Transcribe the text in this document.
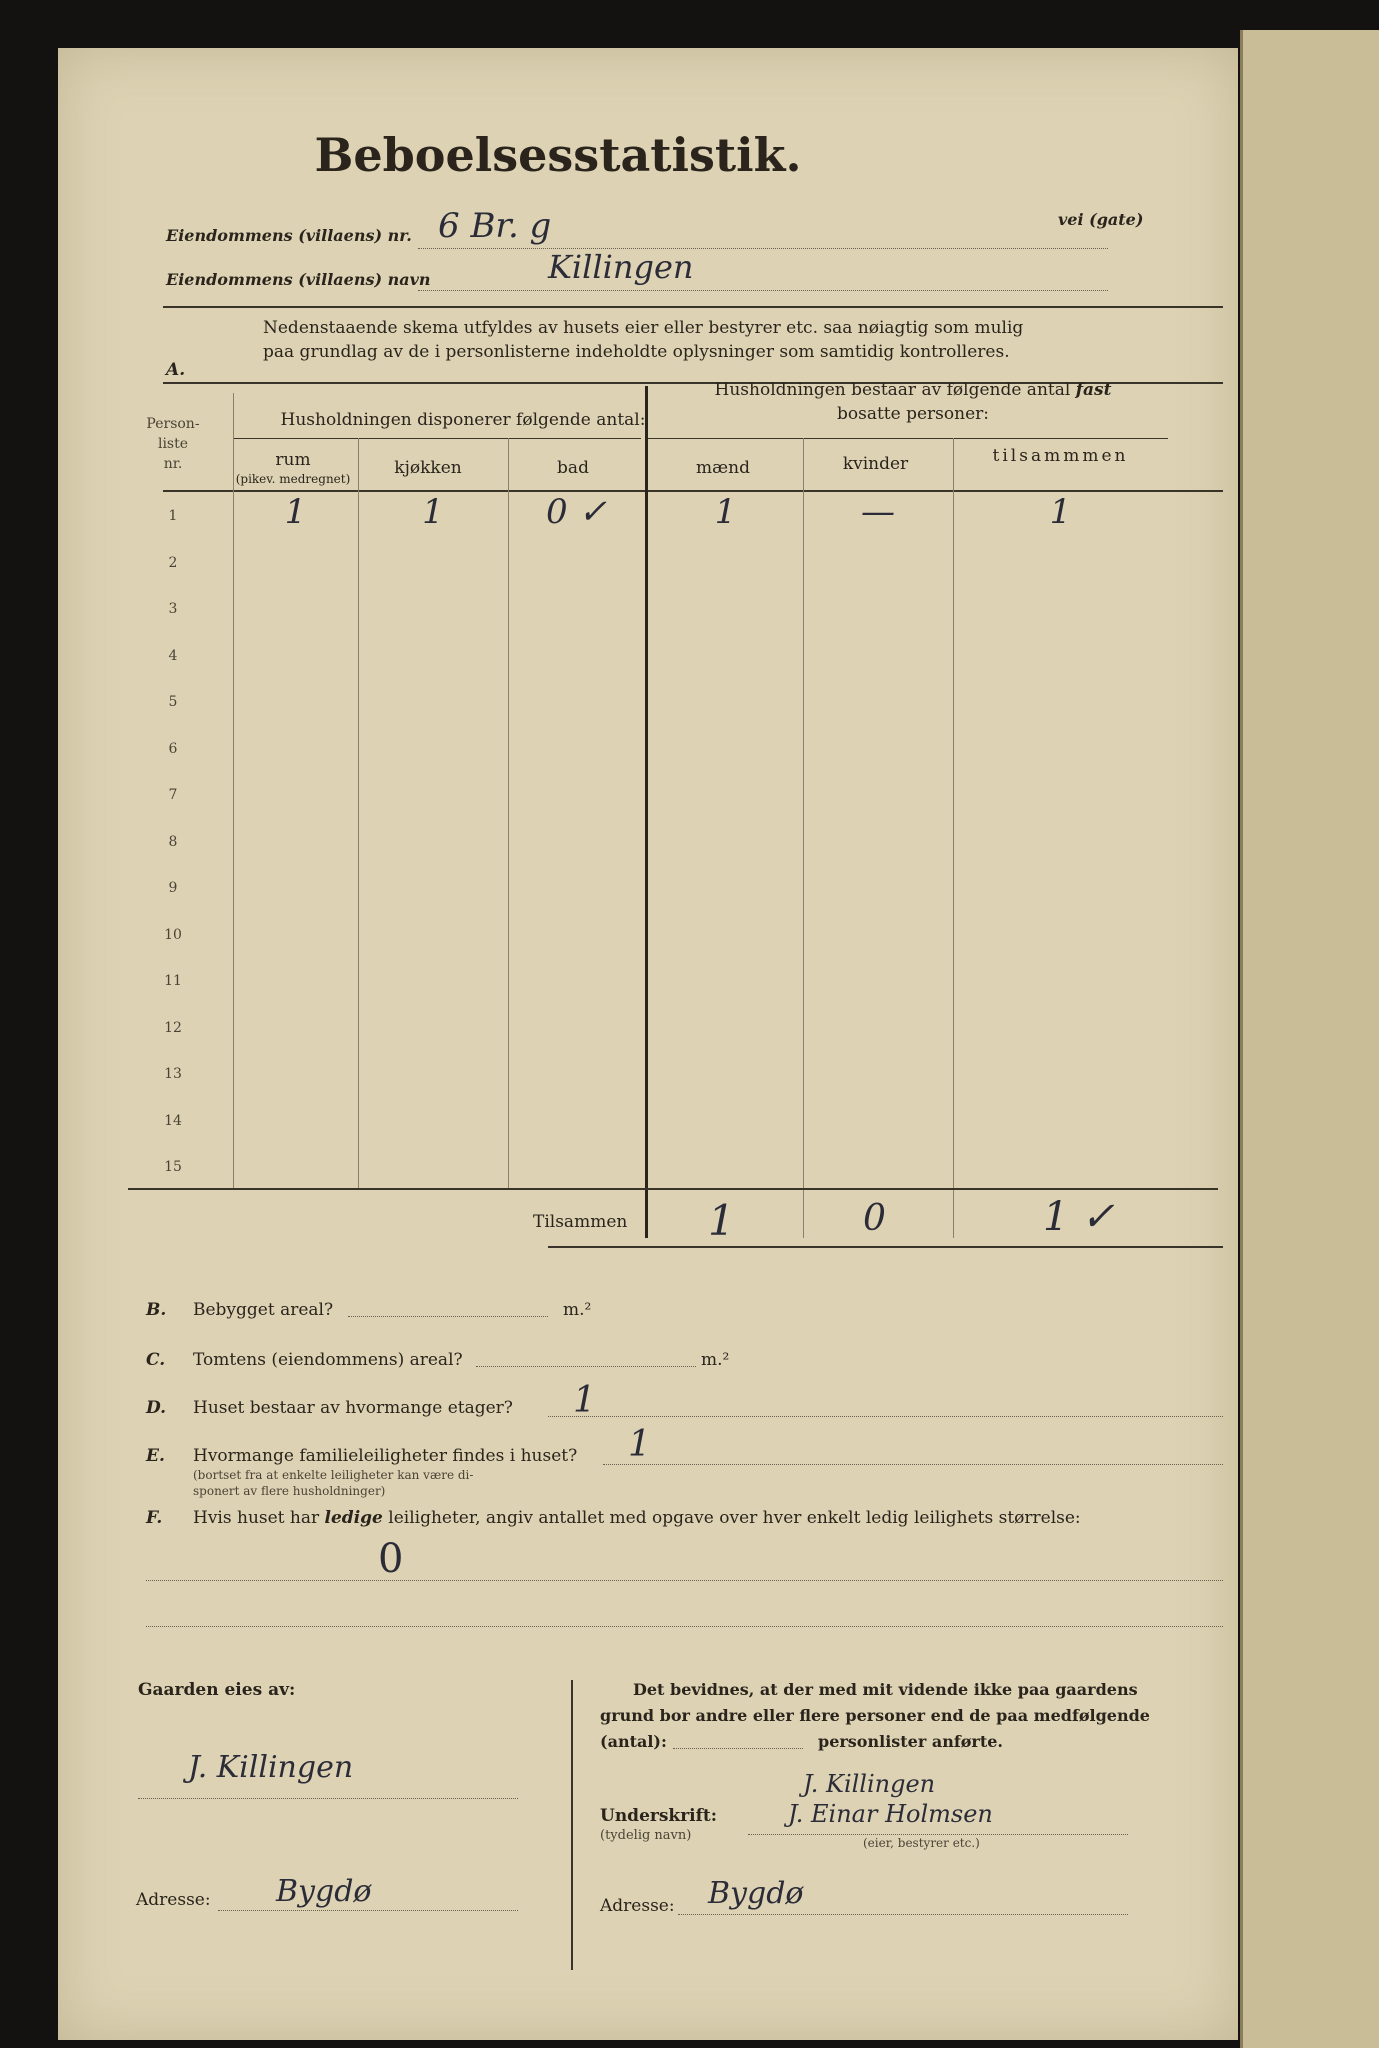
Beboelsesstatistik.
Eiendommens (villaens) nr. 6 Br. g	vei (gate)
Eiendommens (villaens) navn	Killingen
Nedenstaaende skema utfyldes av husets eier eller bestyrer etc. saa nøiagtig som mulig
paa grundlag av de i personlisterne indeholdte oplysninger som samtidig kontrolleres.
A.
Person-
liste
nr.
Husholdningen disponerer følgende antal:
Husholdningen bestaar av følgende antal fast
bosatte personer:
rum
(pikev. medregnet)
kjøkken	bad	mænd	kvinder	tilsammmen
1	1	1	0 ✓	1	—	1
2
3
4
5
6
7
8
9
10
11
12
13
14
15
Tilsammen 1	0	1 ✓
B. Bebygget areal?	m.²
C. Tomtens (eiendommens) areal?	m.²
D. Huset bestaar av hvormange etager? 1
E. Hvormange familieleiligheter findes i huset?
(bortset fra at enkelte leiligheter kan være di-
sponert av flere husholdninger)
1
F. Hvis huset har ledige leiligheter, angiv antallet med opgave over hver enkelt ledig leilighets størrelse:
0
Gaarden eies av:
J. Killingen
Adresse: Bygdø
Det bevidnes, at der med mit vidende ikke paa gaardens
grund bor andre eller flere personer end de paa medfølgende
(antal):	personlister anførte.
Underskrift:
(tydelig navn)
J. Killingen
J. Einar Holmsen
(eier, bestyrer etc.)
Adresse: Bygdø
